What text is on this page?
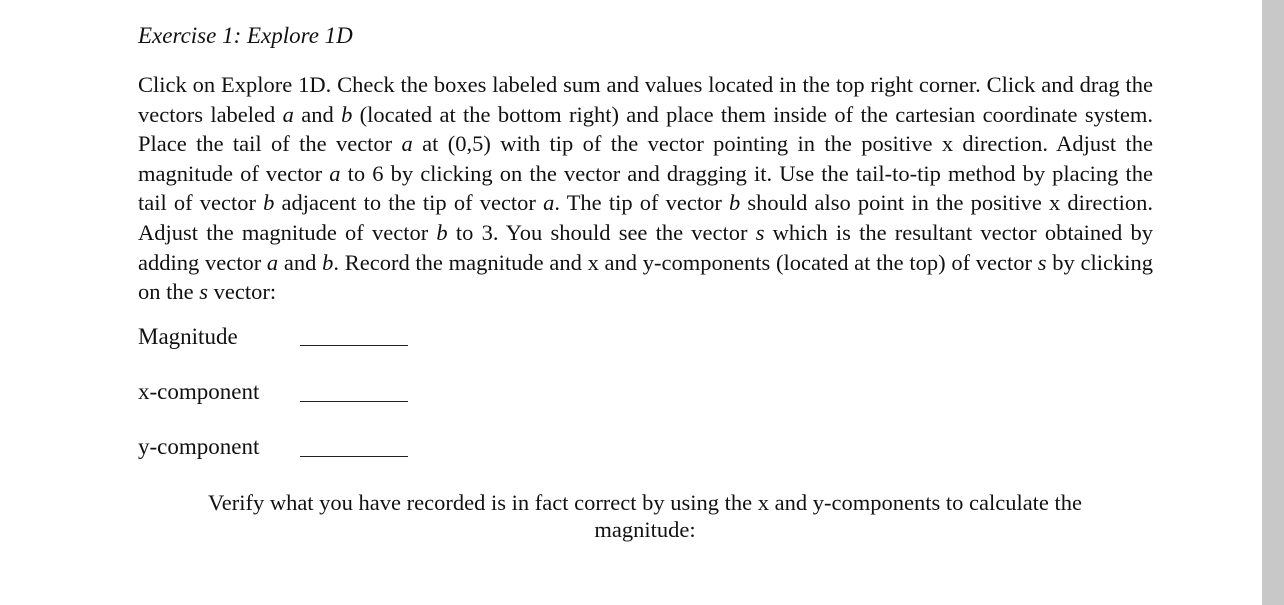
Exercise 1: Explore 1D

Click on Explore 1D. Check the boxes labeled sum and values located in the top right corner. Click and drag the vectors labeled a and b (located at the bottom right) and place them inside of the cartesian coordinate system. Place the tail of the vector a at (0,5) with tip of the vector pointing in the positive x direction. Adjust the magnitude of vector a to 6 by clicking on the vector and dragging it. Use the tail-to-tip method by placing the tail of vector b adjacent to the tip of vector a. The tip of vector b should also point in the positive x direction. Adjust the magnitude of vector b to 3. You should see the vector s which is the resultant vector obtained by adding vector a and b. Record the magnitude and x and y-components (located at the top) of vector s by clicking on the s vector:

Magnitude
x-component
y-component

Verify what you have recorded is in fact correct by using the x and y-components to calculate the magnitude:
